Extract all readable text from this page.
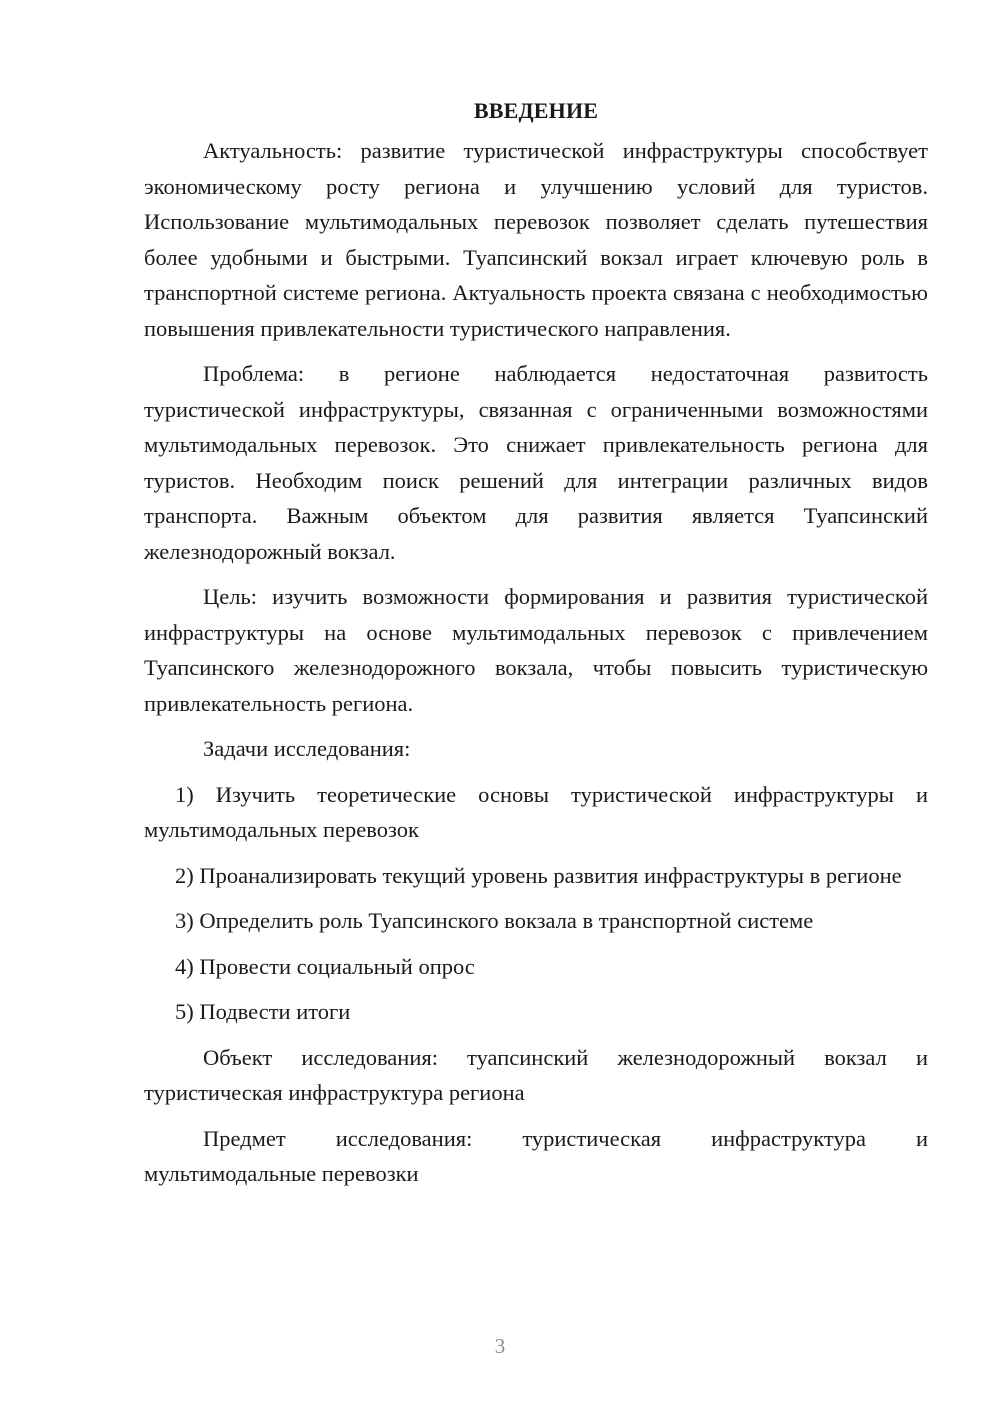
ВВЕДЕНИЕ

Актуальность: развитие туристической инфраструктуры способствует экономическому росту региона и улучшению условий для туристов. Использование мультимодальных перевозок позволяет сделать путешествия более удобными и быстрыми. Туапсинский вокзал играет ключевую роль в транспортной системе региона. Актуальность проекта связана с необходимостью повышения привлекательности туристического направления.

Проблема: в регионе наблюдается недостаточная развитость туристической инфраструктуры, связанная с ограниченными возможностями мультимодальных перевозок. Это снижает привлекательность региона для туристов. Необходим поиск решений для интеграции различных видов транспорта. Важным объектом для развития является Туапсинский железнодорожный вокзал.

Цель: изучить возможности формирования и развития туристической инфраструктуры на основе мультимодальных перевозок с привлечением Туапсинского железнодорожного вокзала, чтобы повысить туристическую привлекательность региона.

Задачи исследования:

1) Изучить теоретические основы туристической инфраструктуры и мультимодальных перевозок

2) Проанализировать текущий уровень развития инфраструктуры в регионе

3) Определить роль Туапсинского вокзала в транспортной системе

4) Провести социальный опрос

5) Подвести итоги

Объект исследования: туапсинский железнодорожный вокзал и туристическая инфраструктура региона

Предмет исследования: туристическая инфраструктура и мультимодальные перевозки

3
